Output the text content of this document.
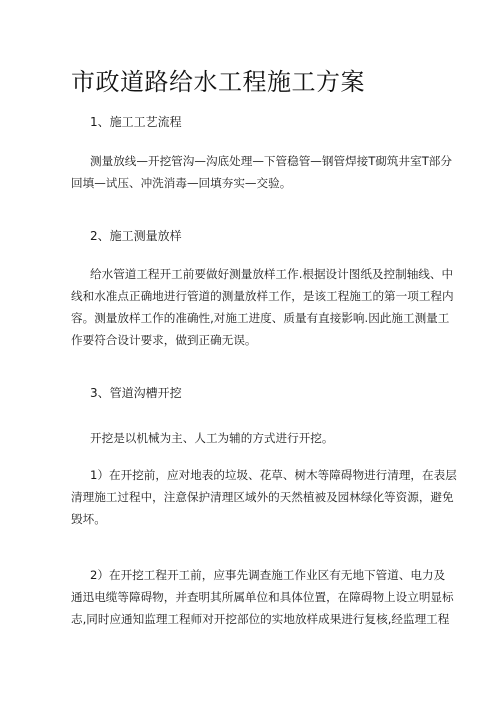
市政道路给水工程施工方案
1、施工工艺流程
测量放线—开挖管沟—沟底处理—下管稳管—钢管焊接T砌筑井室T部分
回填—试压、冲洗消毒—回填夯实—交验。
2、施工测量放样
给水管道工程开工前要做好测量放样工作.根据设计图纸及控制轴线、中
线和水准点正确地进行管道的测量放样工作，是该工程施工的第一项工程内
容。测量放样工作的准确性,对施工进度、质量有直接影响.因此施工测量工
作要符合设计要求，做到正确无误。
3、管道沟槽开挖
开挖是以机械为主、人工为辅的方式进行开挖。
1）在开挖前，应对地表的垃圾、花草、树木等障碍物进行清理，在表层
清理施工过程中，注意保护清理区域外的天然植被及园林绿化等资源，避免
毁坏。
2）在开挖工程开工前，应事先调查施工作业区有无地下管道、电力及
通迅电缆等障碍物，并查明其所属单位和具体位置，在障碍物上设立明显标
志,同时应通知监理工程师对开挖部位的实地放样成果进行复核,经监理工程
